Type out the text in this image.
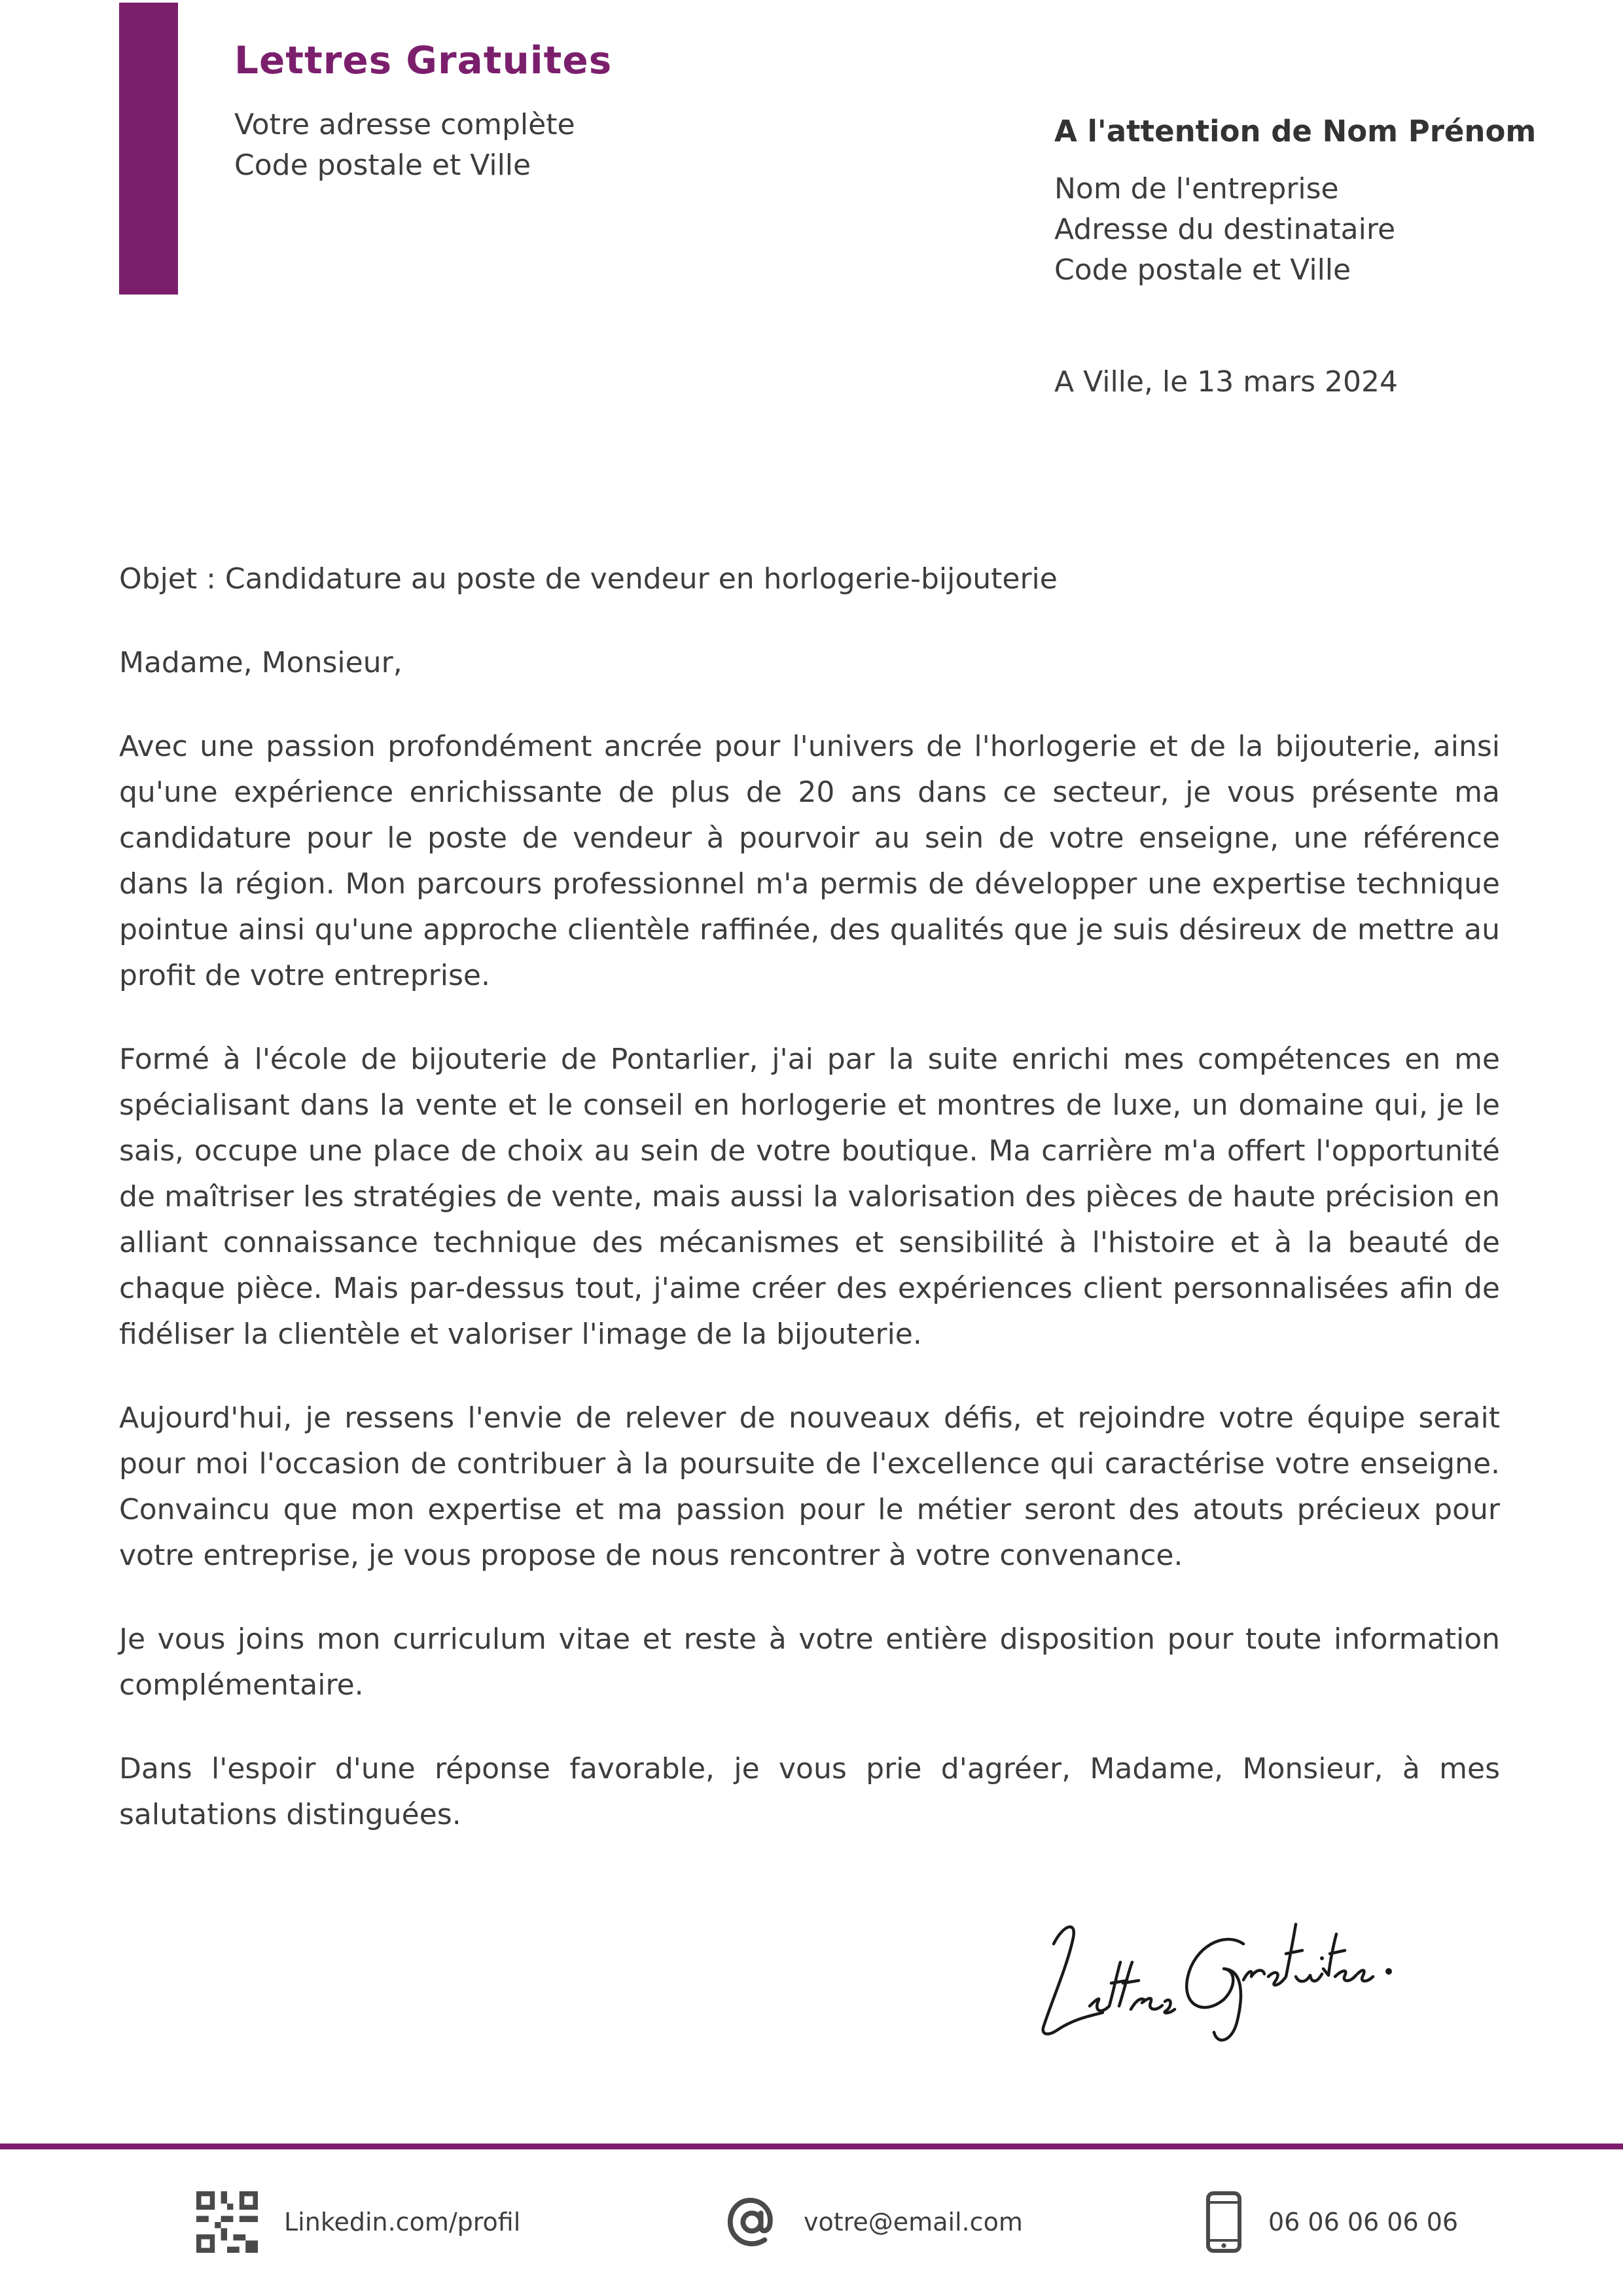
Lettres Gratuites
Votre adresse complète
Code postale et Ville
A l'attention de Nom Prénom
Nom de l'entreprise
Adresse du destinataire
Code postale et Ville
A Ville, le 13 mars 2024

Objet : Candidature au poste de vendeur en horlogerie-bijouterie

Madame, Monsieur,

Avec une passion profondément ancrée pour l'univers de l'horlogerie et de la bijouterie, ainsi qu'une expérience enrichissante de plus de 20 ans dans ce secteur, je vous présente ma candidature pour le poste de vendeur à pourvoir au sein de votre enseigne, une référence dans la région. Mon parcours professionnel m'a permis de développer une expertise technique pointue ainsi qu'une approche clientèle raffinée, des qualités que je suis désireux de mettre au profit de votre entreprise.

Formé à l'école de bijouterie de Pontarlier, j'ai par la suite enrichi mes compétences en me spécialisant dans la vente et le conseil en horlogerie et montres de luxe, un domaine qui, je le sais, occupe une place de choix au sein de votre boutique. Ma carrière m'a offert l'opportunité de maîtriser les stratégies de vente, mais aussi la valorisation des pièces de haute précision en alliant connaissance technique des mécanismes et sensibilité à l'histoire et à la beauté de chaque pièce. Mais par-dessus tout, j'aime créer des expériences client personnalisées afin de fidéliser la clientèle et valoriser l'image de la bijouterie.

Aujourd'hui, je ressens l'envie de relever de nouveaux défis, et rejoindre votre équipe serait pour moi l'occasion de contribuer à la poursuite de l'excellence qui caractérise votre enseigne. Convaincu que mon expertise et ma passion pour le métier seront des atouts précieux pour votre entreprise, je vous propose de nous rencontrer à votre convenance.

Je vous joins mon curriculum vitae et reste à votre entière disposition pour toute information complémentaire.

Dans l'espoir d'une réponse favorable, je vous prie d'agréer, Madame, Monsieur, à mes salutations distinguées.

Linkedin.com/profil	votre@email.com	06 06 06 06 06
